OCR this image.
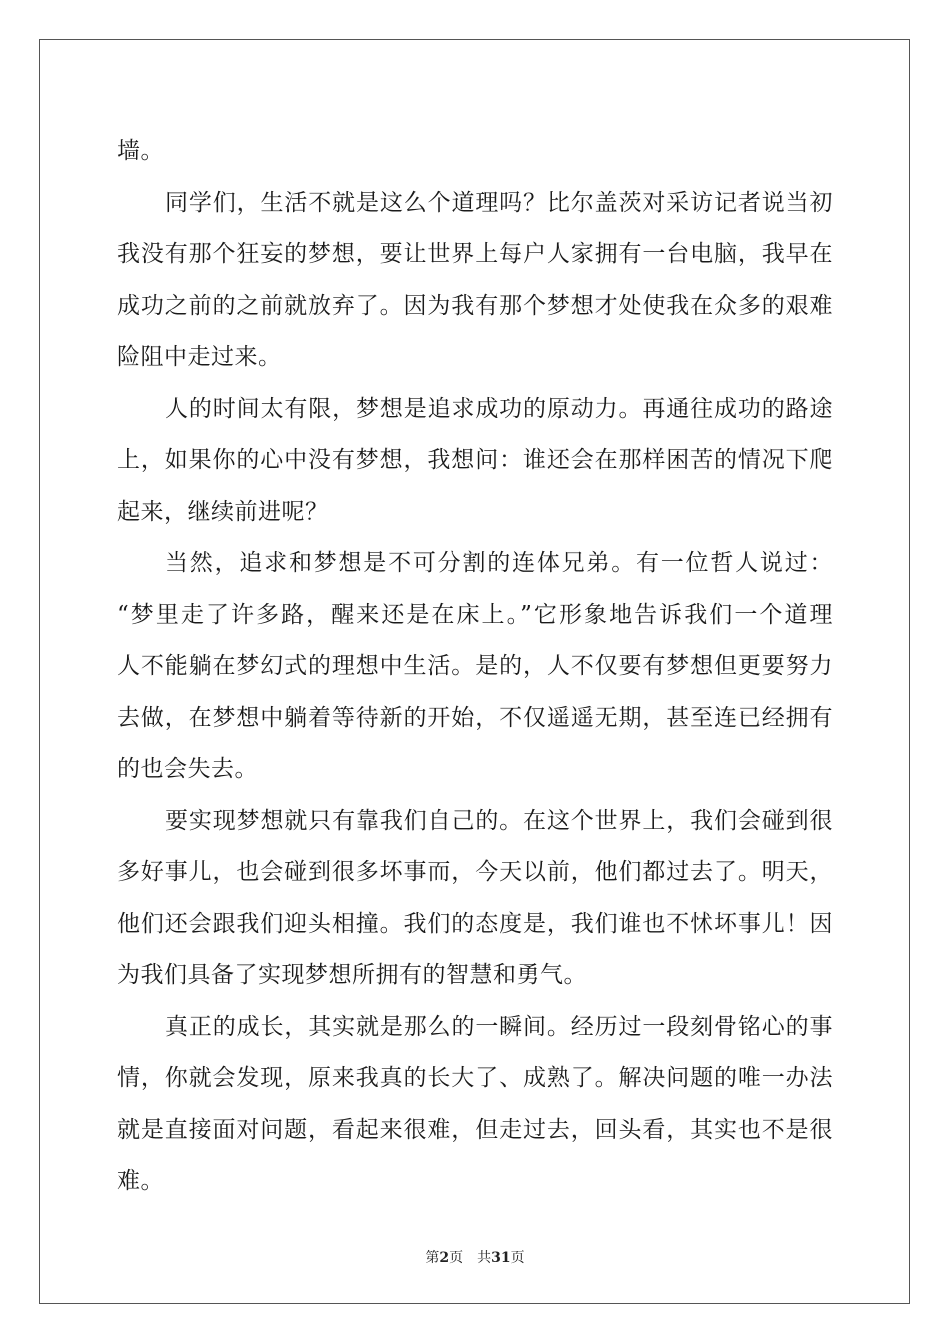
墙。
同学们，生活不就是这么个道理吗？比尔盖茨对采访记者说当初
我没有那个狂妄的梦想，要让世界上每户人家拥有一台电脑，我早在
成功之前的之前就放弃了。因为我有那个梦想才处使我在众多的艰难
险阻中走过来。
人的时间太有限，梦想是追求成功的原动力。再通往成功的路途
上，如果你的心中没有梦想，我想问：谁还会在那样困苦的情况下爬
起来，继续前进呢？
当然，追求和梦想是不可分割的连体兄弟。有一位哲人说过：
“梦里走了许多路，醒来还是在床上。”它形象地告诉我们一个道理
人不能躺在梦幻式的理想中生活。是的，人不仅要有梦想但更要努力
去做，在梦想中躺着等待新的开始，不仅遥遥无期，甚至连已经拥有
的也会失去。
要实现梦想就只有靠我们自己的。在这个世界上，我们会碰到很
多好事儿，也会碰到很多坏事而，今天以前，他们都过去了。明天，
他们还会跟我们迎头相撞。我们的态度是，我们谁也不怵坏事儿！因
为我们具备了实现梦想所拥有的智慧和勇气。
真正的成长，其实就是那么的一瞬间。经历过一段刻骨铭心的事
情，你就会发现，原来我真的长大了、成熟了。解决问题的唯一办法
就是直接面对问题，看起来很难，但走过去，回头看，其实也不是很
难。
第2页 共31页
